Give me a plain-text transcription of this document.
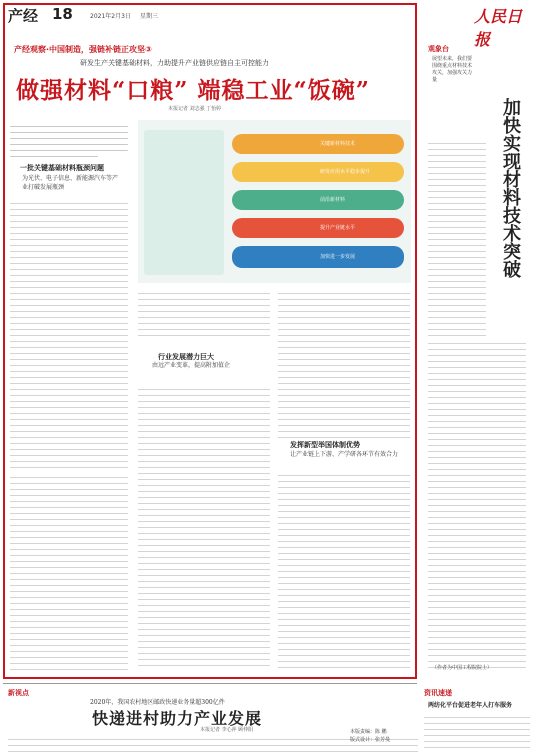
产经 18	2021年2月3日 星期三	人民日报
产经观察·中国制造，强链补链正攻坚③
研发生产关键基础材料，力助提升产业链供应链自主可控能力
做强材料“口粮” 端稳工业“饭碗”
本报记者 刘志强 丁怡婷
一批关键基础材料瓶颈问题
为光伏、电子信息、新能源汽车等产业打破发展瓶颈
关键新材料技术
研发应用水平稳步提升
前沿新材料
提升产业链水平
加快进一步发展
行业发展潜力巨大
由远产业变革，提高附加值企
发挥新型举国体制优势
让产业链上下游、产学研各环节有效合力
观象台
展望未来，我们要围绕重点材料技术攻关，加强攻关力量
加快实现材料技术突破
（作者为中国工程院院士）
新视点
2020年，我国农村地区邮政快递业务量超300亿件
快递进村助力产业发展
本报记者 李心萍 顾仲阳
资讯速递
两纺化平台促进老年人打车服务
本版责编：陈 鹏
版式设计：张芳曼
